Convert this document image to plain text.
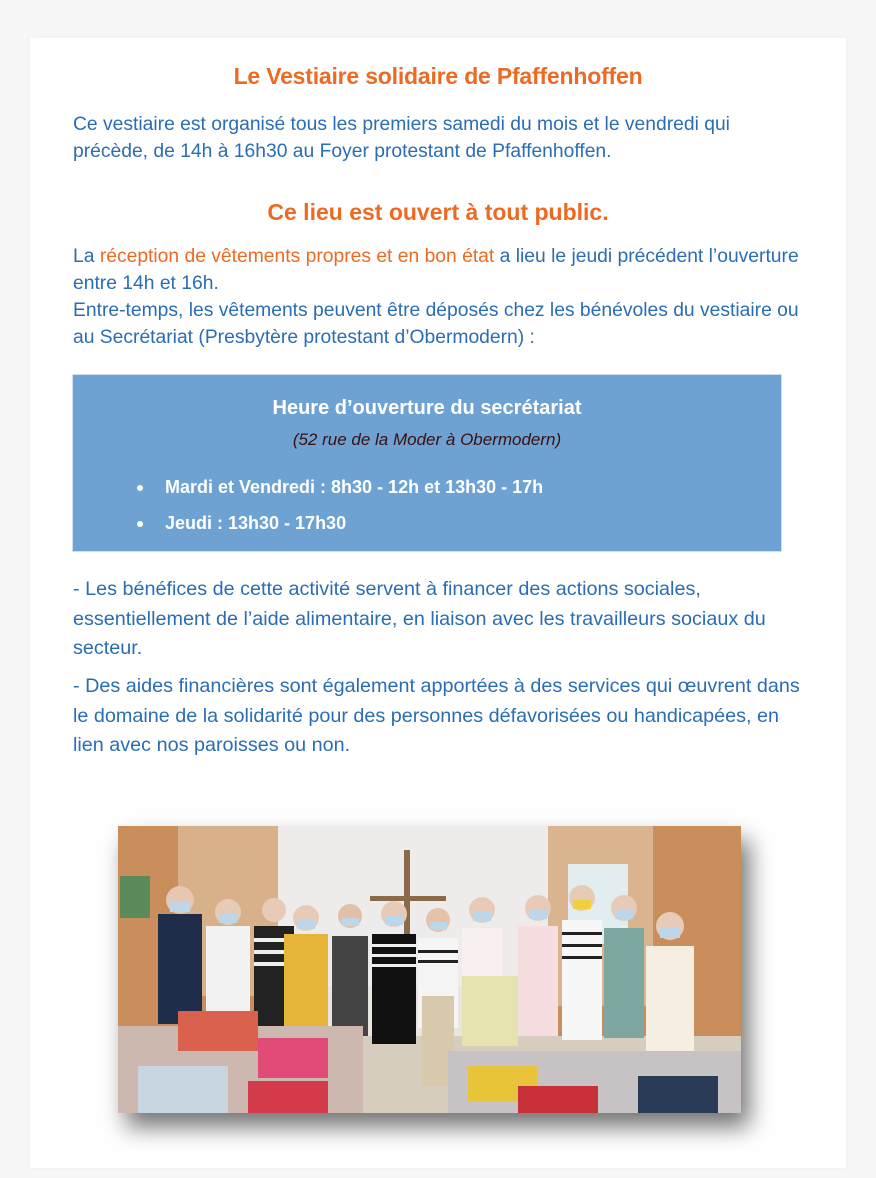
Le Vestiaire solidaire de Pfaffenhoffen
Ce vestiaire est organisé tous les premiers samedi du mois et le vendredi qui précède, de 14h à 16h30 au Foyer protestant de Pfaffenhoffen.
Ce lieu est ouvert à tout public.
La réception de vêtements propres et en bon état a lieu le jeudi précédent l’ouverture entre 14h et 16h.
Entre-temps, les vêtements peuvent être déposés chez les bénévoles du vestiaire ou au Secrétariat (Presbytère protestant d’Obermodern) :
Heure d’ouverture du secrétariat
(52 rue de la Moder à Obermodern)
Mardi et Vendredi : 8h30 - 12h et 13h30 - 17h
Jeudi : 13h30 - 17h30
- Les bénéfices de cette activité servent à financer des actions sociales, essentiellement de l’aide alimentaire, en liaison avec les travailleurs sociaux du secteur.
- Des aides financières sont également apportées à des services qui œuvrent dans le domaine de la solidarité pour des personnes défavorisées ou handicapées, en lien avec nos paroisses ou non.
